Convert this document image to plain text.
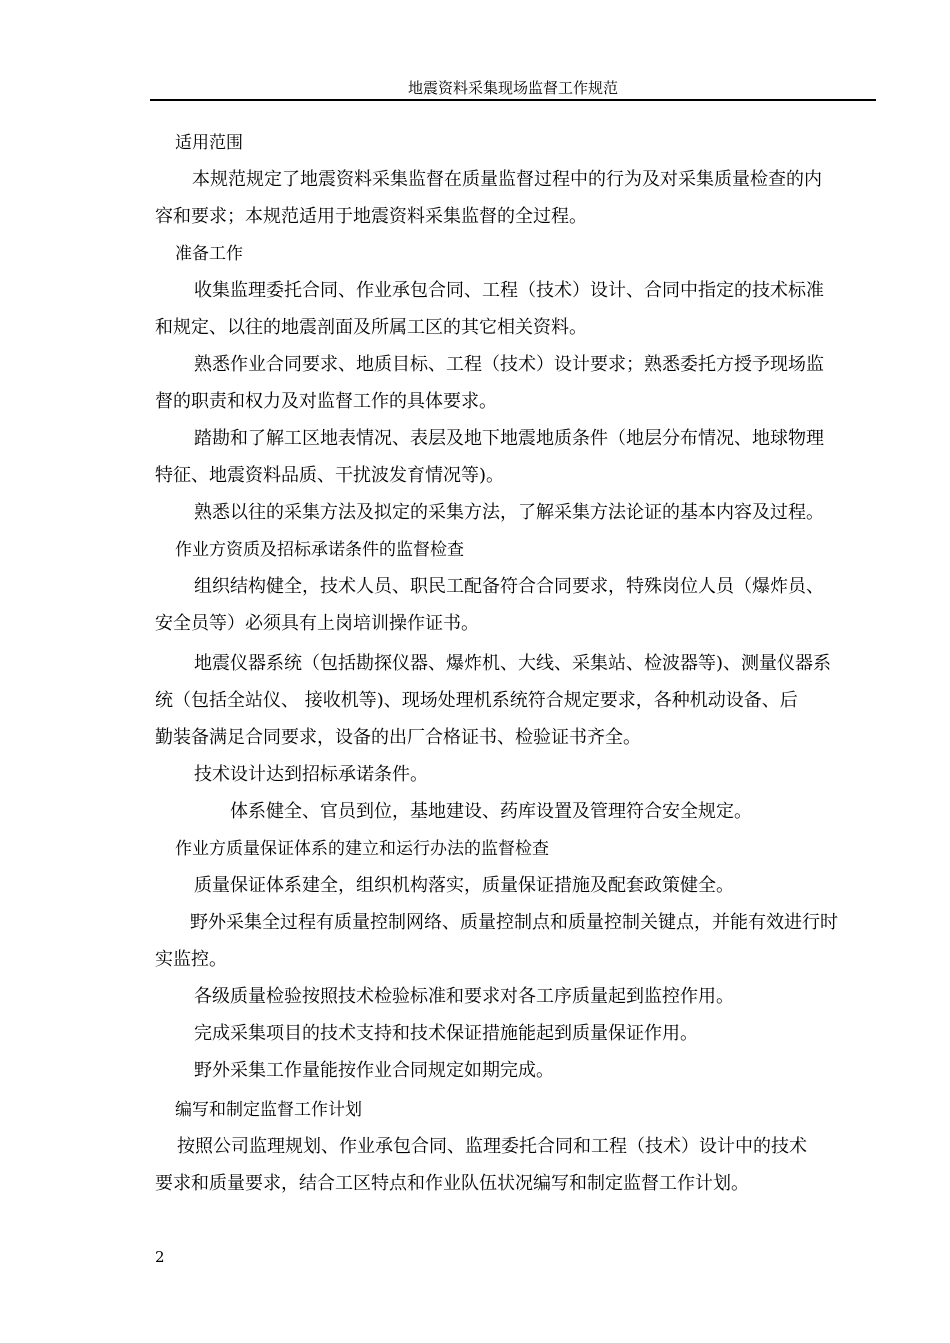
地震资料采集现场监督工作规范
适用范围
本规范规定了地震资料采集监督在质量监督过程中的行为及对采集质量检查的内
容和要求；本规范适用于地震资料采集监督的全过程。
准备工作
收集监理委托合同、作业承包合同、工程（技术）设计、合同中指定的技术标准
和规定、以往的地震剖面及所属工区的其它相关资料。
熟悉作业合同要求、地质目标、工程（技术）设计要求；熟悉委托方授予现场监
督的职责和权力及对监督工作的具体要求。
踏勘和了解工区地表情况、表层及地下地震地质条件（地层分布情况、地球物理
特征、地震资料品质、干扰波发育情况等)。
熟悉以往的采集方法及拟定的采集方法，了解采集方法论证的基本内容及过程。
作业方资质及招标承诺条件的监督检查
组织结构健全，技术人员、职民工配备符合合同要求，特殊岗位人员（爆炸员、
安全员等）必须具有上岗培训操作证书。
地震仪器系统（包括勘探仪器、爆炸机、大线、采集站、检波器等)、测量仪器系
统（包括全站仪、 接收机等)、现场处理机系统符合规定要求，各种机动设备、后
勤装备满足合同要求，设备的出厂合格证书、检验证书齐全。
技术设计达到招标承诺条件。
体系健全、官员到位，基地建设、药库设置及管理符合安全规定。
作业方质量保证体系的建立和运行办法的监督检查
质量保证体系建全，组织机构落实，质量保证措施及配套政策健全。
野外采集全过程有质量控制网络、质量控制点和质量控制关键点，并能有效进行时
实监控。
各级质量检验按照技术检验标准和要求对各工序质量起到监控作用。
完成采集项目的技术支持和技术保证措施能起到质量保证作用。
野外采集工作量能按作业合同规定如期完成。
编写和制定监督工作计划
按照公司监理规划、作业承包合同、监理委托合同和工程（技术）设计中的技术
要求和质量要求，结合工区特点和作业队伍状况编写和制定监督工作计划。
2
